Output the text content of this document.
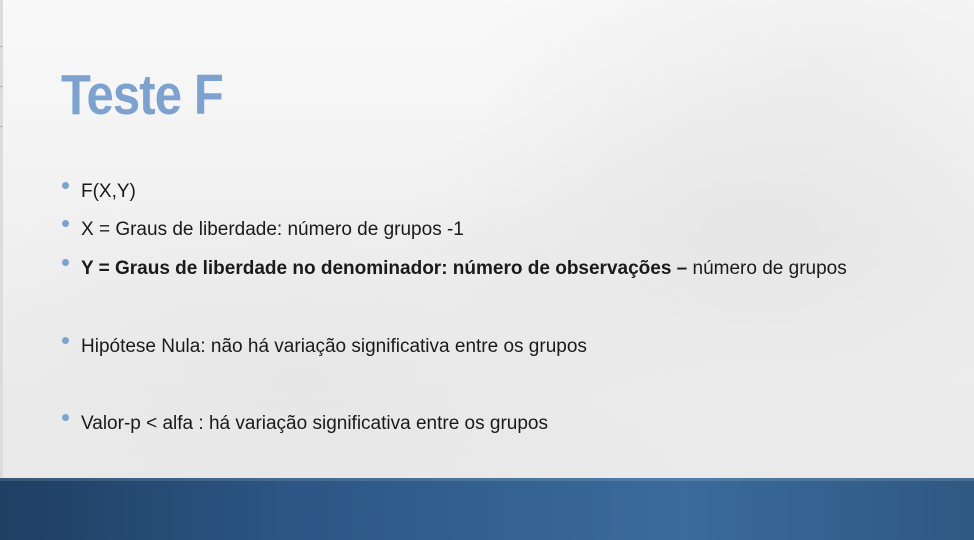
Teste F
F(X,Y)
X = Graus de liberdade: número de grupos -1
Y = Graus de liberdade no denominador: número de observações – número de grupos
Hipótese Nula: não há variação significativa entre os grupos
Valor-p < alfa : há variação significativa entre os grupos
